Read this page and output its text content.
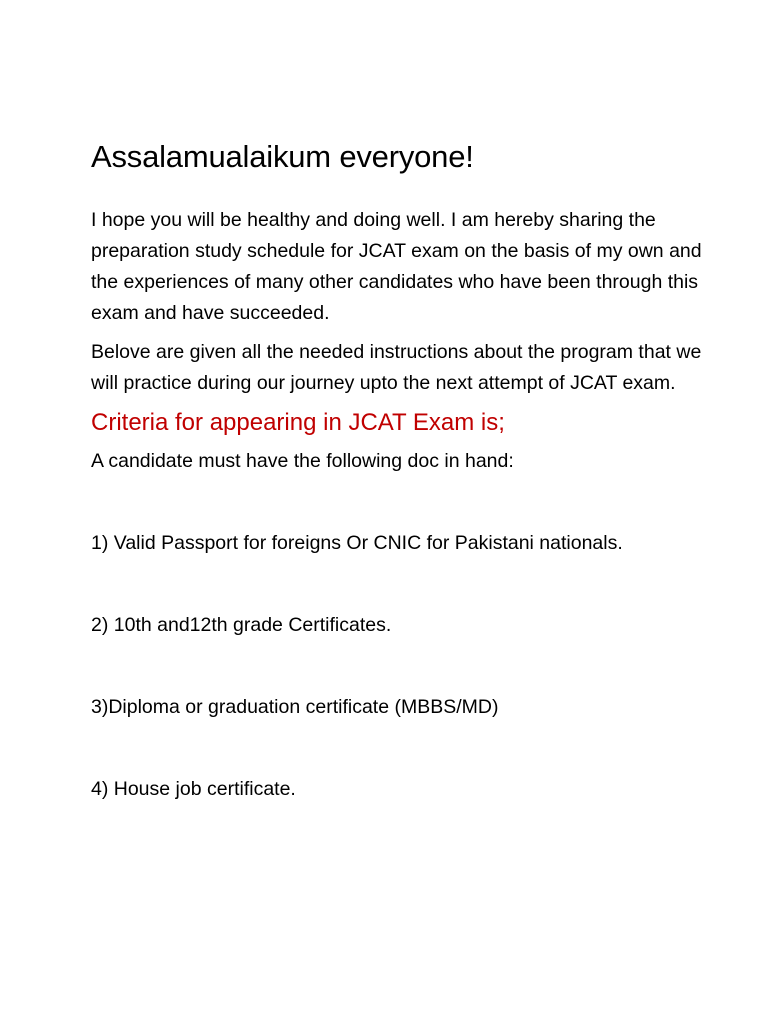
Assalamualaikum everyone!

I hope you will be healthy and doing well. I am hereby sharing the preparation study schedule for JCAT exam on the basis of my own and the experiences of many other candidates who have been through this exam and have succeeded.

Belove are given all the needed instructions about the program that we will practice during our journey upto the next attempt of JCAT exam.

Criteria for appearing in JCAT Exam is;

A candidate must have the following doc in hand:

1) Valid Passport for foreigns Or CNIC for Pakistani nationals.
2) 10th and12th grade Certificates.
3)Diploma or graduation certificate (MBBS/MD)
4) House job certificate.
